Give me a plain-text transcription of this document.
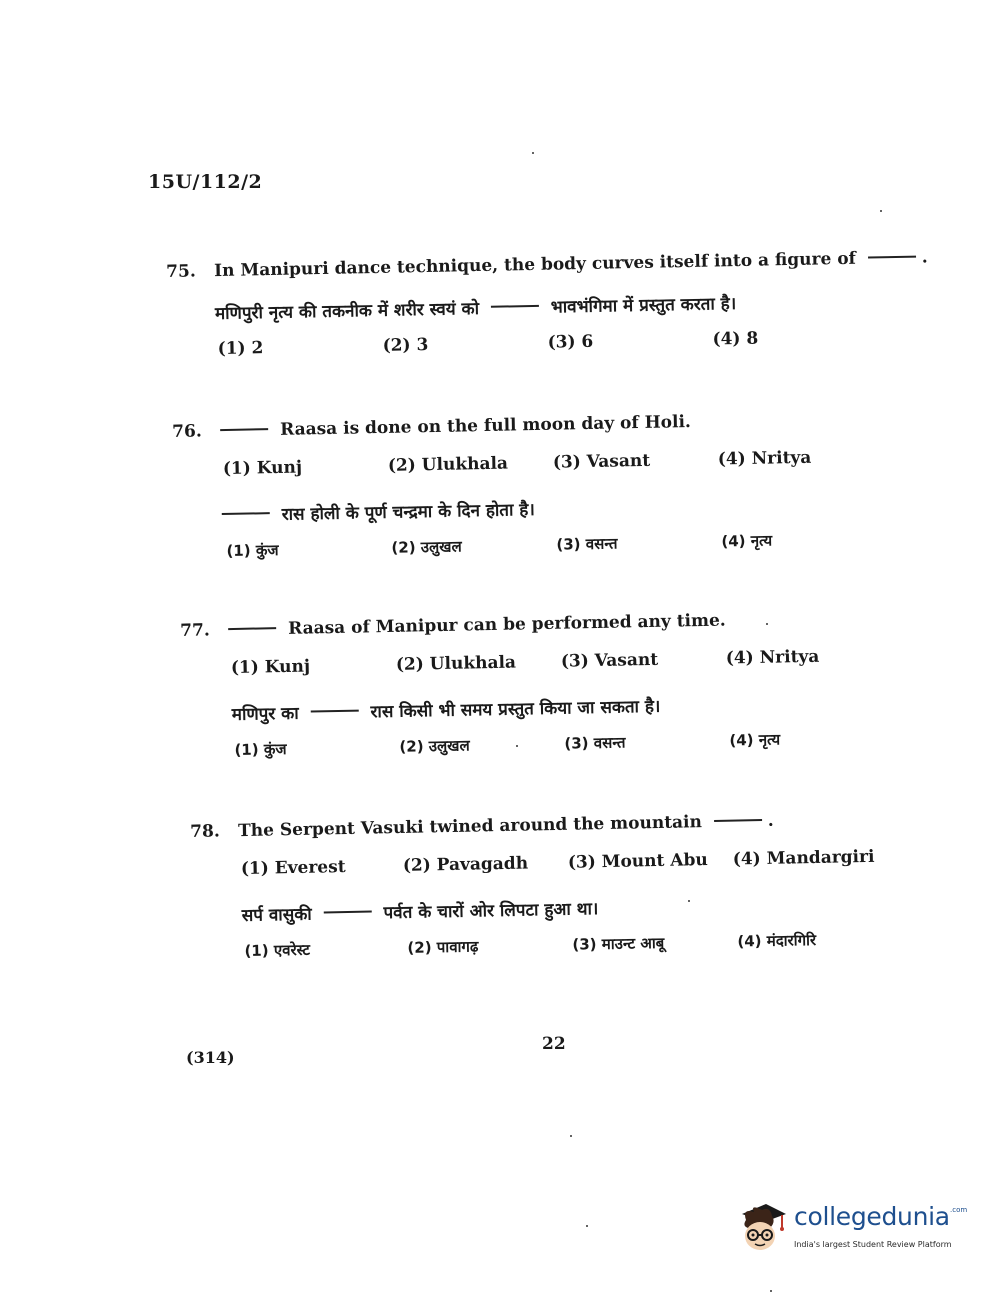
15U/112/2
75. In Manipuri dance technique, the body curves itself into a figure of	.
मणिपुरी नृत्य की तकनीक में शरीर स्वयं को	भावभंगिमा में प्रस्तुत करता है।
(1) 2	(2) 3	(3) 6	(4) 8
76.	Raasa is done on the full moon day of Holi.
(1) Kunj	(2) Ulukhala	(3) Vasant	(4) Nritya
रास होली के पूर्ण चन्द्रमा के दिन होता है।
(1) कुंज	(2) उलुखल	(3) वसन्त	(4) नृत्य
77.	Raasa of Manipur can be performed any time.
(1) Kunj	(2) Ulukhala	(3) Vasant	(4) Nritya
मणिपुर का	रास किसी भी समय प्रस्तुत किया जा सकता है।
(1) कुंज	(2) उलुखल	(3) वसन्त	(4) नृत्य
78. The Serpent Vasuki twined around the mountain	.
(1) Everest	(2) Pavagadh (3) Mount Abu (4) Mandargiri
सर्प वासुकी	पर्वत के चारों ओर लिपटा हुआ था।
(1) एवरेस्ट	(2) पावागढ़	(3) माउन्ट आबू	(4) मंदारगिरि
22
(314)
collegedunia .com
India's largest Student Review Platform
